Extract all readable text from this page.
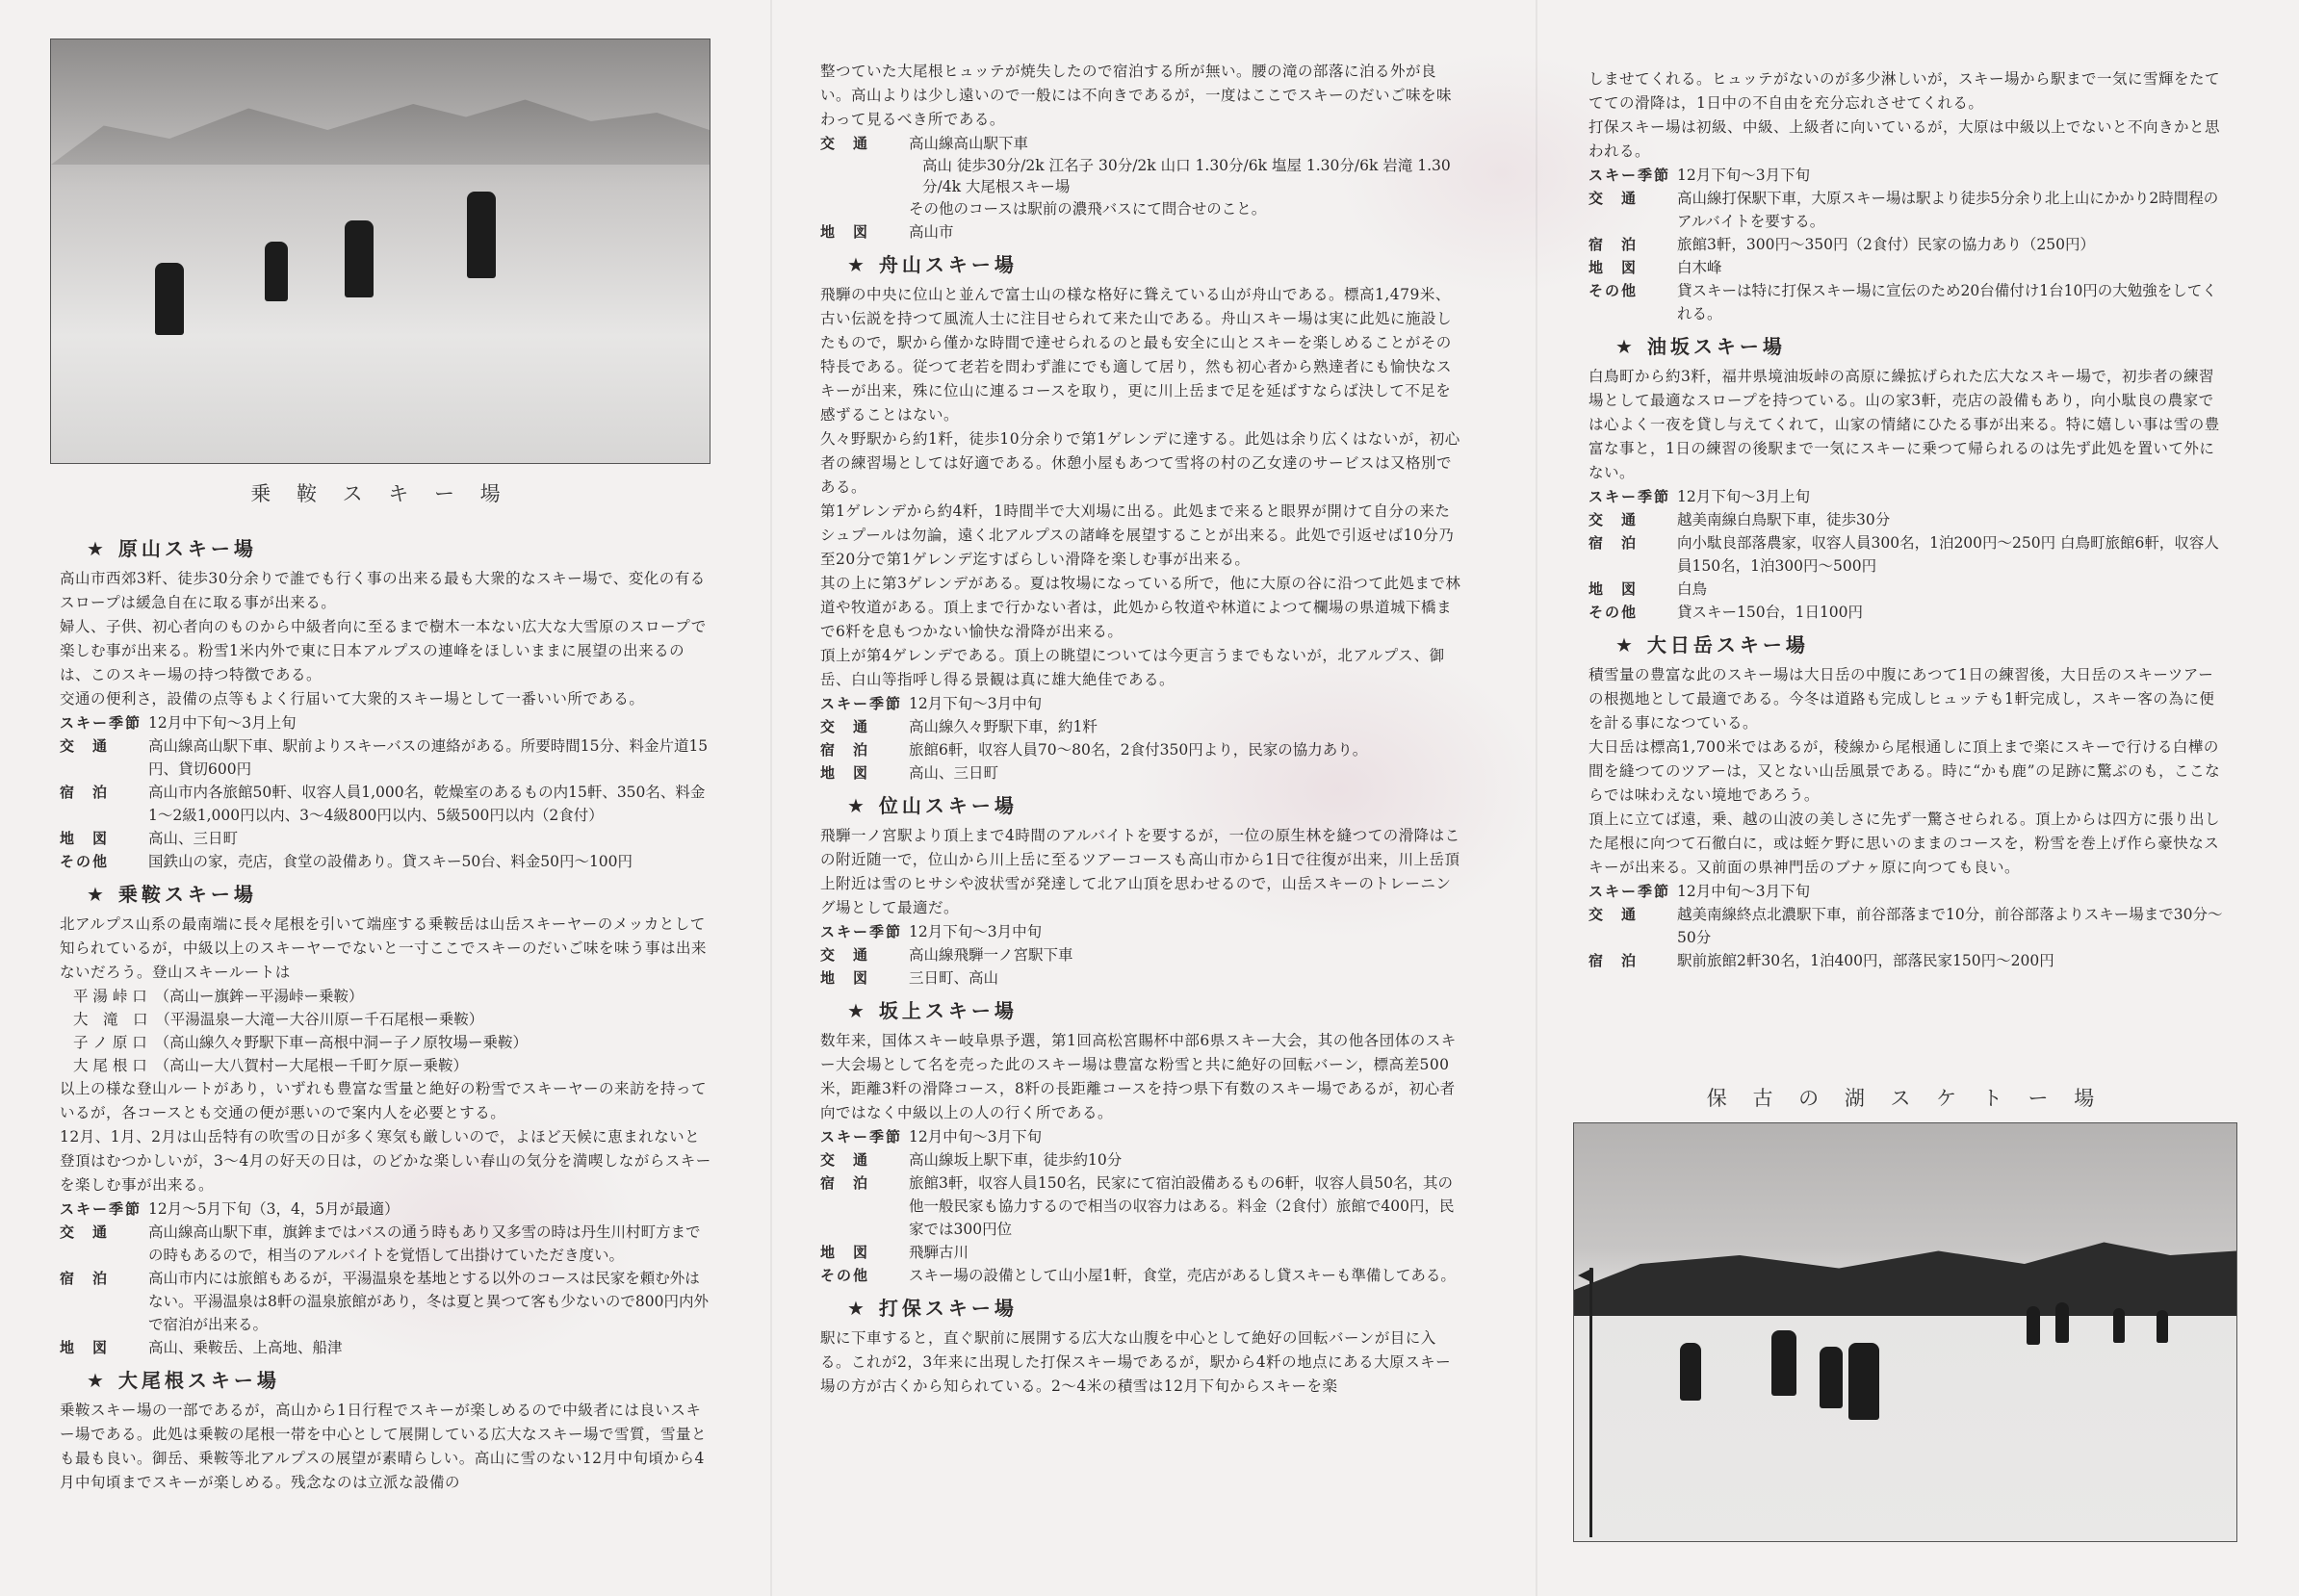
乗 鞍 ス キ ー 場
★ 原山スキー場

高山市西郊3粁、徒歩30分余りで誰でも行く事の出来る最も大衆的なスキー場で、変化の有るスロープは緩急自在に取る事が出来る。

婦人、子供、初心者向のものから中級者向に至るまで樹木一本ない広大な大雪原のスロープで楽しむ事が出来る。粉雪1米内外で東に日本アルプスの連峰をほしいままに展望の出来るのは、このスキー場の持つ特徴である。

交通の便利さ，設備の点等もよく行届いて大衆的スキー場として一番いい所である。

スキー季節 12月中下旬〜3月上旬
交　通	高山線高山駅下車、駅前よりスキーバスの連絡がある。所要時間15分、料金片道15円、貸切600円
宿　泊	高山市内各旅館50軒、収容人員1,000名，乾燥室のあるもの内15軒、350名、料金1〜2級1,000円以内、3〜4級800円以内、5級500円以内（2食付）
地　図	高山、三日町
その他	国鉄山の家，売店，食堂の設備あり。貸スキー50台、料金50円〜100円
★ 乗鞍スキー場

北アルプス山系の最南端に長々尾根を引いて端座する乗鞍岳は山岳スキーヤーのメッカとして知られているが，中級以上のスキーヤーでないと一寸ここでスキーのだいご味を味う事は出来ないだろう。登山スキールートは

平 湯 峠 口　（高山ー旗鉾ー平湯峠ー乗鞍）
大　滝　口　（平湯温泉ー大滝ー大谷川原ー千石尾根ー乗鞍）
子 ノ 原 口　（高山線久々野駅下車ー高根中洞ー子ノ原牧場ー乗鞍）
大 尾 根 口　（高山ー大八賀村ー大尾根ー千町ケ原ー乗鞍）

以上の様な登山ルートがあり，いずれも豊富な雪量と絶好の粉雪でスキーヤーの来訪を持っているが，各コースとも交通の便が悪いので案内人を必要とする。

12月、1月、2月は山岳特有の吹雪の日が多く寒気も厳しいので，よほど天候に恵まれないと登頂はむつかしいが，3〜4月の好天の日は，のどかな楽しい春山の気分を満喫しながらスキーを楽しむ事が出来る。

スキー季節 12月〜5月下旬（3，4，5月が最適）
交　通	高山線高山駅下車，旗鉾まではバスの通う時もあり又多雪の時は丹生川村町方までの時もあるので，相当のアルバイトを覚悟して出掛けていただき度い。
宿　泊	高山市内には旅館もあるが，平湯温泉を基地とする以外のコースは民家を頼む外はない。平湯温泉は8軒の温泉旅館があり，冬は夏と異つて客も少ないので800円内外で宿泊が出来る。
地　図	高山、乗鞍岳、上高地、船津
★ 大尾根スキー場

乗鞍スキー場の一部であるが，高山から1日行程でスキーが楽しめるので中級者には良いスキー場である。此処は乗鞍の尾根一帯を中心として展開している広大なスキー場で雪質，雪量とも最も良い。御岳、乗鞍等北アルプスの展望が素晴らしい。高山に雪のない12月中旬頃から4月中旬頃までスキーが楽しめる。残念なのは立派な設備の

整つていた大尾根ヒュッテが焼失したので宿泊する所が無い。腰の滝の部落に泊る外が良い。高山よりは少し遠いので一般には不向きであるが，一度はここでスキーのだいご味を味わって見るべき所である。

交　通	高山線高山駅下車
高山 徒歩30分/2k 江名子 30分/2k 山口 1.30分/6k 塩屋 1.30分/6k 岩滝 1.30分/4k 大尾根スキー場
その他のコースは駅前の濃飛バスにて問合せのこと。
地　図	高山市
★ 舟山スキー場

飛騨の中央に位山と並んで富士山の様な格好に聳えている山が舟山である。標高1,479米、古い伝説を持つて風流人士に注目せられて来た山である。舟山スキー場は実に此処に施設したもので，駅から僅かな時間で達せられるのと最も安全に山とスキーを楽しめることがその特長である。従つて老若を問わず誰にでも適して居り，然も初心者から熟達者にも愉快なスキーが出来，殊に位山に連るコースを取り，更に川上岳まで足を延ばすならば決して不足を感ずることはない。

久々野駅から約1粁，徒歩10分余りで第1ゲレンデに達する。此処は余り広くはないが，初心者の練習場としては好適である。休憩小屋もあつて雪将の村の乙女達のサービスは又格別である。

第1ゲレンデから約4粁，1時間半で大刈場に出る。此処まで来ると眼界が開けて自分の来たシュプールは勿論，遠く北アルプスの諸峰を展望することが出来る。此処で引返せば10分乃至20分で第1ゲレンデ迄すばらしい滑降を楽しむ事が出来る。

其の上に第3ゲレンデがある。夏は牧場になっている所で，他に大原の谷に沿つて此処まで林道や牧道がある。頂上まで行かない者は，此処から牧道や林道によつて欄場の県道城下橋まで6粁を息もつかない愉快な滑降が出来る。

頂上が第4ゲレンデである。頂上の眺望については今更言うまでもないが，北アルプス、御岳、白山等指呼し得る景観は真に雄大絶佳である。

スキー季節 12月下旬〜3月中旬
交　通	高山線久々野駅下車，約1粁
宿　泊	旅館6軒，収容人員70〜80名，2食付350円より，民家の協力あり。
地　図	高山、三日町
★ 位山スキー場

飛騨一ノ宮駅より頂上まで4時間のアルバイトを要するが，一位の原生林を縫つての滑降はこの附近随一で，位山から川上岳に至るツアーコースも高山市から1日で往復が出来，川上岳頂上附近は雪のヒサシや波状雪が発達して北ア山頂を思わせるので，山岳スキーのトレーニング場として最適だ。

スキー季節 12月下旬〜3月中旬
交　通	高山線飛騨一ノ宮駅下車
地　図	三日町、高山
★ 坂上スキー場

数年来，国体スキー岐阜県予選，第1回高松宮賜杯中部6県スキー大会，其の他各団体のスキー大会場として名を売った此のスキー場は豊富な粉雪と共に絶好の回転バーン，標高差500米，距離3粁の滑降コース，8粁の長距離コースを持つ県下有数のスキー場であるが，初心者向ではなく中級以上の人の行く所である。

スキー季節 12月中旬〜3月下旬
交　通	高山線坂上駅下車，徒歩約10分
宿　泊	旅館3軒，収容人員150名，民家にて宿泊設備あるもの6軒，収容人員50名，其の他一般民家も協力するので相当の収容力はある。料金（2食付）旅館で400円，民家では300円位
地　図	飛騨古川
その他	スキー場の設備として山小屋1軒，食堂，売店があるし貸スキーも準備してある。
★ 打保スキー場

駅に下車すると，直ぐ駅前に展開する広大な山腹を中心として絶好の回転バーンが目に入る。これが2，3年来に出現した打保スキー場であるが，駅から4粁の地点にある大原スキー場の方が古くから知られている。2〜4米の積雪は12月下旬からスキーを楽

しませてくれる。ヒュッテがないのが多少淋しいが，スキー場から駅まで一気に雪輝をたててての滑降は，1日中の不自由を充分忘れさせてくれる。

打保スキー場は初級、中級、上級者に向いているが，大原は中級以上でないと不向きかと思われる。

スキー季節 12月下旬〜3月下旬
交　通	高山線打保駅下車，大原スキー場は駅より徒歩5分余り北上山にかかり2時間程のアルバイトを要する。
宿　泊	旅館3軒，300円〜350円（2食付）民家の協力あり（250円）
地　図	白木峰
その他	貸スキーは特に打保スキー場に宣伝のため20台備付け1台10円の大勉強をしてくれる。
★ 油坂スキー場

白鳥町から約3粁，福井県境油坂峠の高原に繰拡げられた広大なスキー場で，初歩者の練習場として最適なスロープを持つている。山の家3軒，売店の設備もあり，向小駄良の農家では心よく一夜を貸し与えてくれて，山家の情緒にひたる事が出来る。特に嬉しい事は雪の豊富な事と，1日の練習の後駅まで一気にスキーに乗つて帰られるのは先ず此処を置いて外にない。

スキー季節 12月下旬〜3月上旬
交　通	越美南線白鳥駅下車，徒歩30分
宿　泊	向小駄良部落農家，収容人員300名，1泊200円〜250円 白鳥町旅館6軒，収容人員150名，1泊300円〜500円
地　図	白鳥
その他	貸スキー150台，1日100円
★ 大日岳スキー場

積雪量の豊富な此のスキー場は大日岳の中腹にあつて1日の練習後，大日岳のスキーツアーの根拠地として最適である。今冬は道路も完成しヒュッテも1軒完成し，スキー客の為に便を計る事になつている。

大日岳は標高1,700米ではあるが，稜線から尾根通しに頂上まで楽にスキーで行ける白樺の間を縫つてのツアーは，又とない山岳風景である。時に“かも鹿”の足跡に驚ぶのも，ここならでは味わえない境地であろう。

頂上に立てば遠，乗、越の山波の美しさに先ず一驚させられる。頂上からは四方に張り出した尾根に向つて石徹白に，或は蛭ケ野に思いのままのコースを，粉雪を巻上げ作ら豪快なスキーが出来る。又前面の県神門岳のブナヶ原に向つても良い。

スキー季節 12月中旬〜3月下旬
交　通	越美南線終点北濃駅下車，前谷部落まで10分，前谷部落よりスキー場まで30分〜50分
宿　泊	駅前旅館2軒30名，1泊400円，部落民家150円〜200円
保 古 の 湖 ス ケ ト ー 場
